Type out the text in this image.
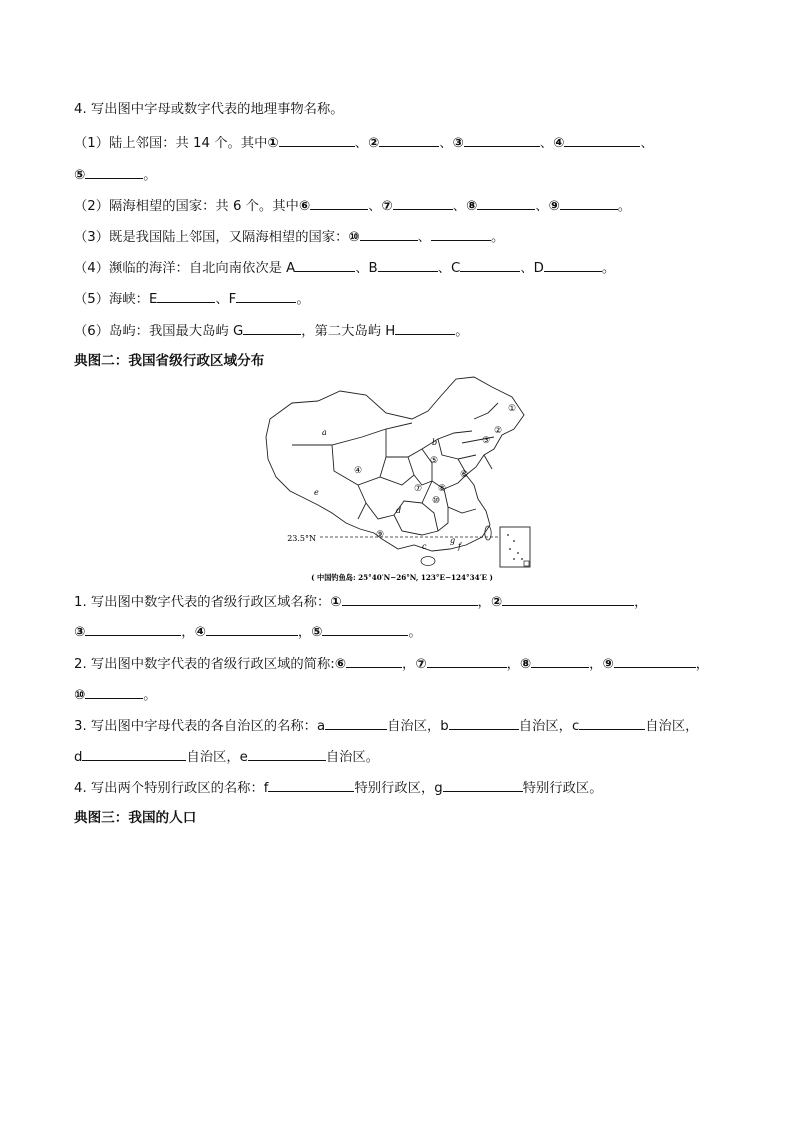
4. 写出图中字母或数字代表的地理事物名称。
（1）陆上邻国：共 14 个。其中①	、②	、③	、④	、
⑤	。
（2）隔海相望的国家：共 6 个。其中⑥	、⑦	、⑧	、⑨	。
（3）既是我国陆上邻国，又隔海相望的国家：⑩	、	。
（4）濒临的海洋：自北向南依次是 A	、B	、C	、D	。
（5）海峡：E	、F	。
（6）岛屿：我国最大岛屿 G	，第二大岛屿 H	。
典图二：我国省级行政区域分布
23.5°N
①
②
③
④
⑤
⑥
⑦ ⑧
⑨
⑩
a
b
c
d
e
f
g
( 中国钓鱼岛: 25°40′N−26°N, 123°E−124°34′E )
1. 写出图中数字代表的省级行政区域名称：①	，②	，
③	，④	，⑤	。
2. 写出图中数字代表的省级行政区域的简称:⑥	，⑦	，⑧	，⑨	，
⑩	。
3. 写出图中字母代表的各自治区的名称：a	自治区，b	自治区，c	自治区，
d	自治区，e	自治区。
4. 写出两个特别行政区的名称：f	特别行政区，g	特别行政区。
典图三：我国的人口
